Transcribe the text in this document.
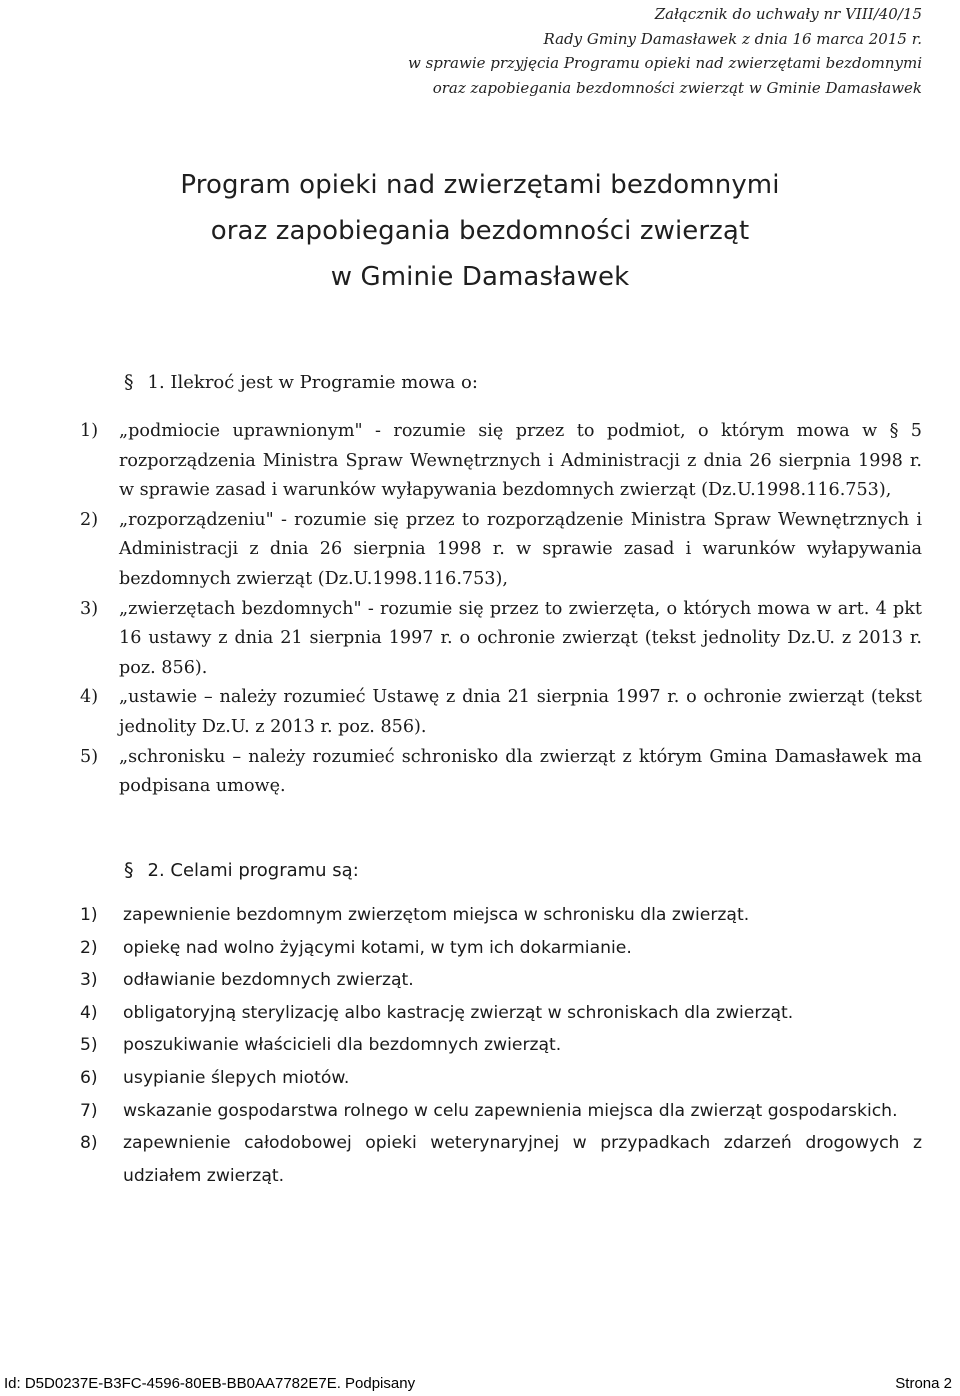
Załącznik do uchwały nr VIII/40/15
Rady Gminy Damasławek z dnia 16 marca 2015 r.
w sprawie przyjęcia Programu opieki nad zwierzętami bezdomnymi
oraz zapobiegania bezdomności zwierząt w Gminie Damasławek
Program opieki nad zwierzętami bezdomnymi
oraz zapobiegania bezdomności zwierząt
w Gminie Damasławek
§ 1. Ilekroć jest w Programie mowa o:
1) „podmiocie uprawnionym" - rozumie się przez to podmiot, o którym mowa w § 5 rozporządzenia Ministra Spraw Wewnętrznych i Administracji z dnia 26 sierpnia 1998 r. w sprawie zasad i warunków wyłapywania bezdomnych zwierząt (Dz.U.1998.116.753),
2) „rozporządzeniu" - rozumie się przez to rozporządzenie Ministra Spraw Wewnętrznych i Administracji z dnia 26 sierpnia 1998 r. w sprawie zasad i warunków wyłapywania bezdomnych zwierząt (Dz.U.1998.116.753),
3) „zwierzętach bezdomnych" - rozumie się przez to zwierzęta, o których mowa w art. 4 pkt 16 ustawy z dnia 21 sierpnia 1997 r. o ochronie zwierząt (tekst jednolity Dz.U. z 2013 r. poz. 856).
4) „ustawie – należy rozumieć Ustawę z dnia 21 sierpnia 1997 r. o ochronie zwierząt (tekst jednolity Dz.U. z 2013 r. poz. 856).
5) „schronisku – należy rozumieć schronisko dla zwierząt z którym Gmina Damasławek ma podpisana umowę.
§ 2. Celami programu są:
1) zapewnienie bezdomnym zwierzętom miejsca w schronisku dla zwierząt.
2) opiekę nad wolno żyjącymi kotami, w tym ich dokarmianie.
3) odławianie bezdomnych zwierząt.
4) obligatoryjną sterylizację albo kastrację zwierząt w schroniskach dla zwierząt.
5) poszukiwanie właścicieli dla bezdomnych zwierząt.
6) usypianie ślepych miotów.
7) wskazanie gospodarstwa rolnego w celu zapewnienia miejsca dla zwierząt gospodarskich.
8) zapewnienie całodobowej opieki weterynaryjnej w przypadkach zdarzeń drogowych z udziałem zwierząt.
Id: D5D0237E-B3FC-4596-80EB-BB0AA7782E7E. Podpisany	Strona 2
